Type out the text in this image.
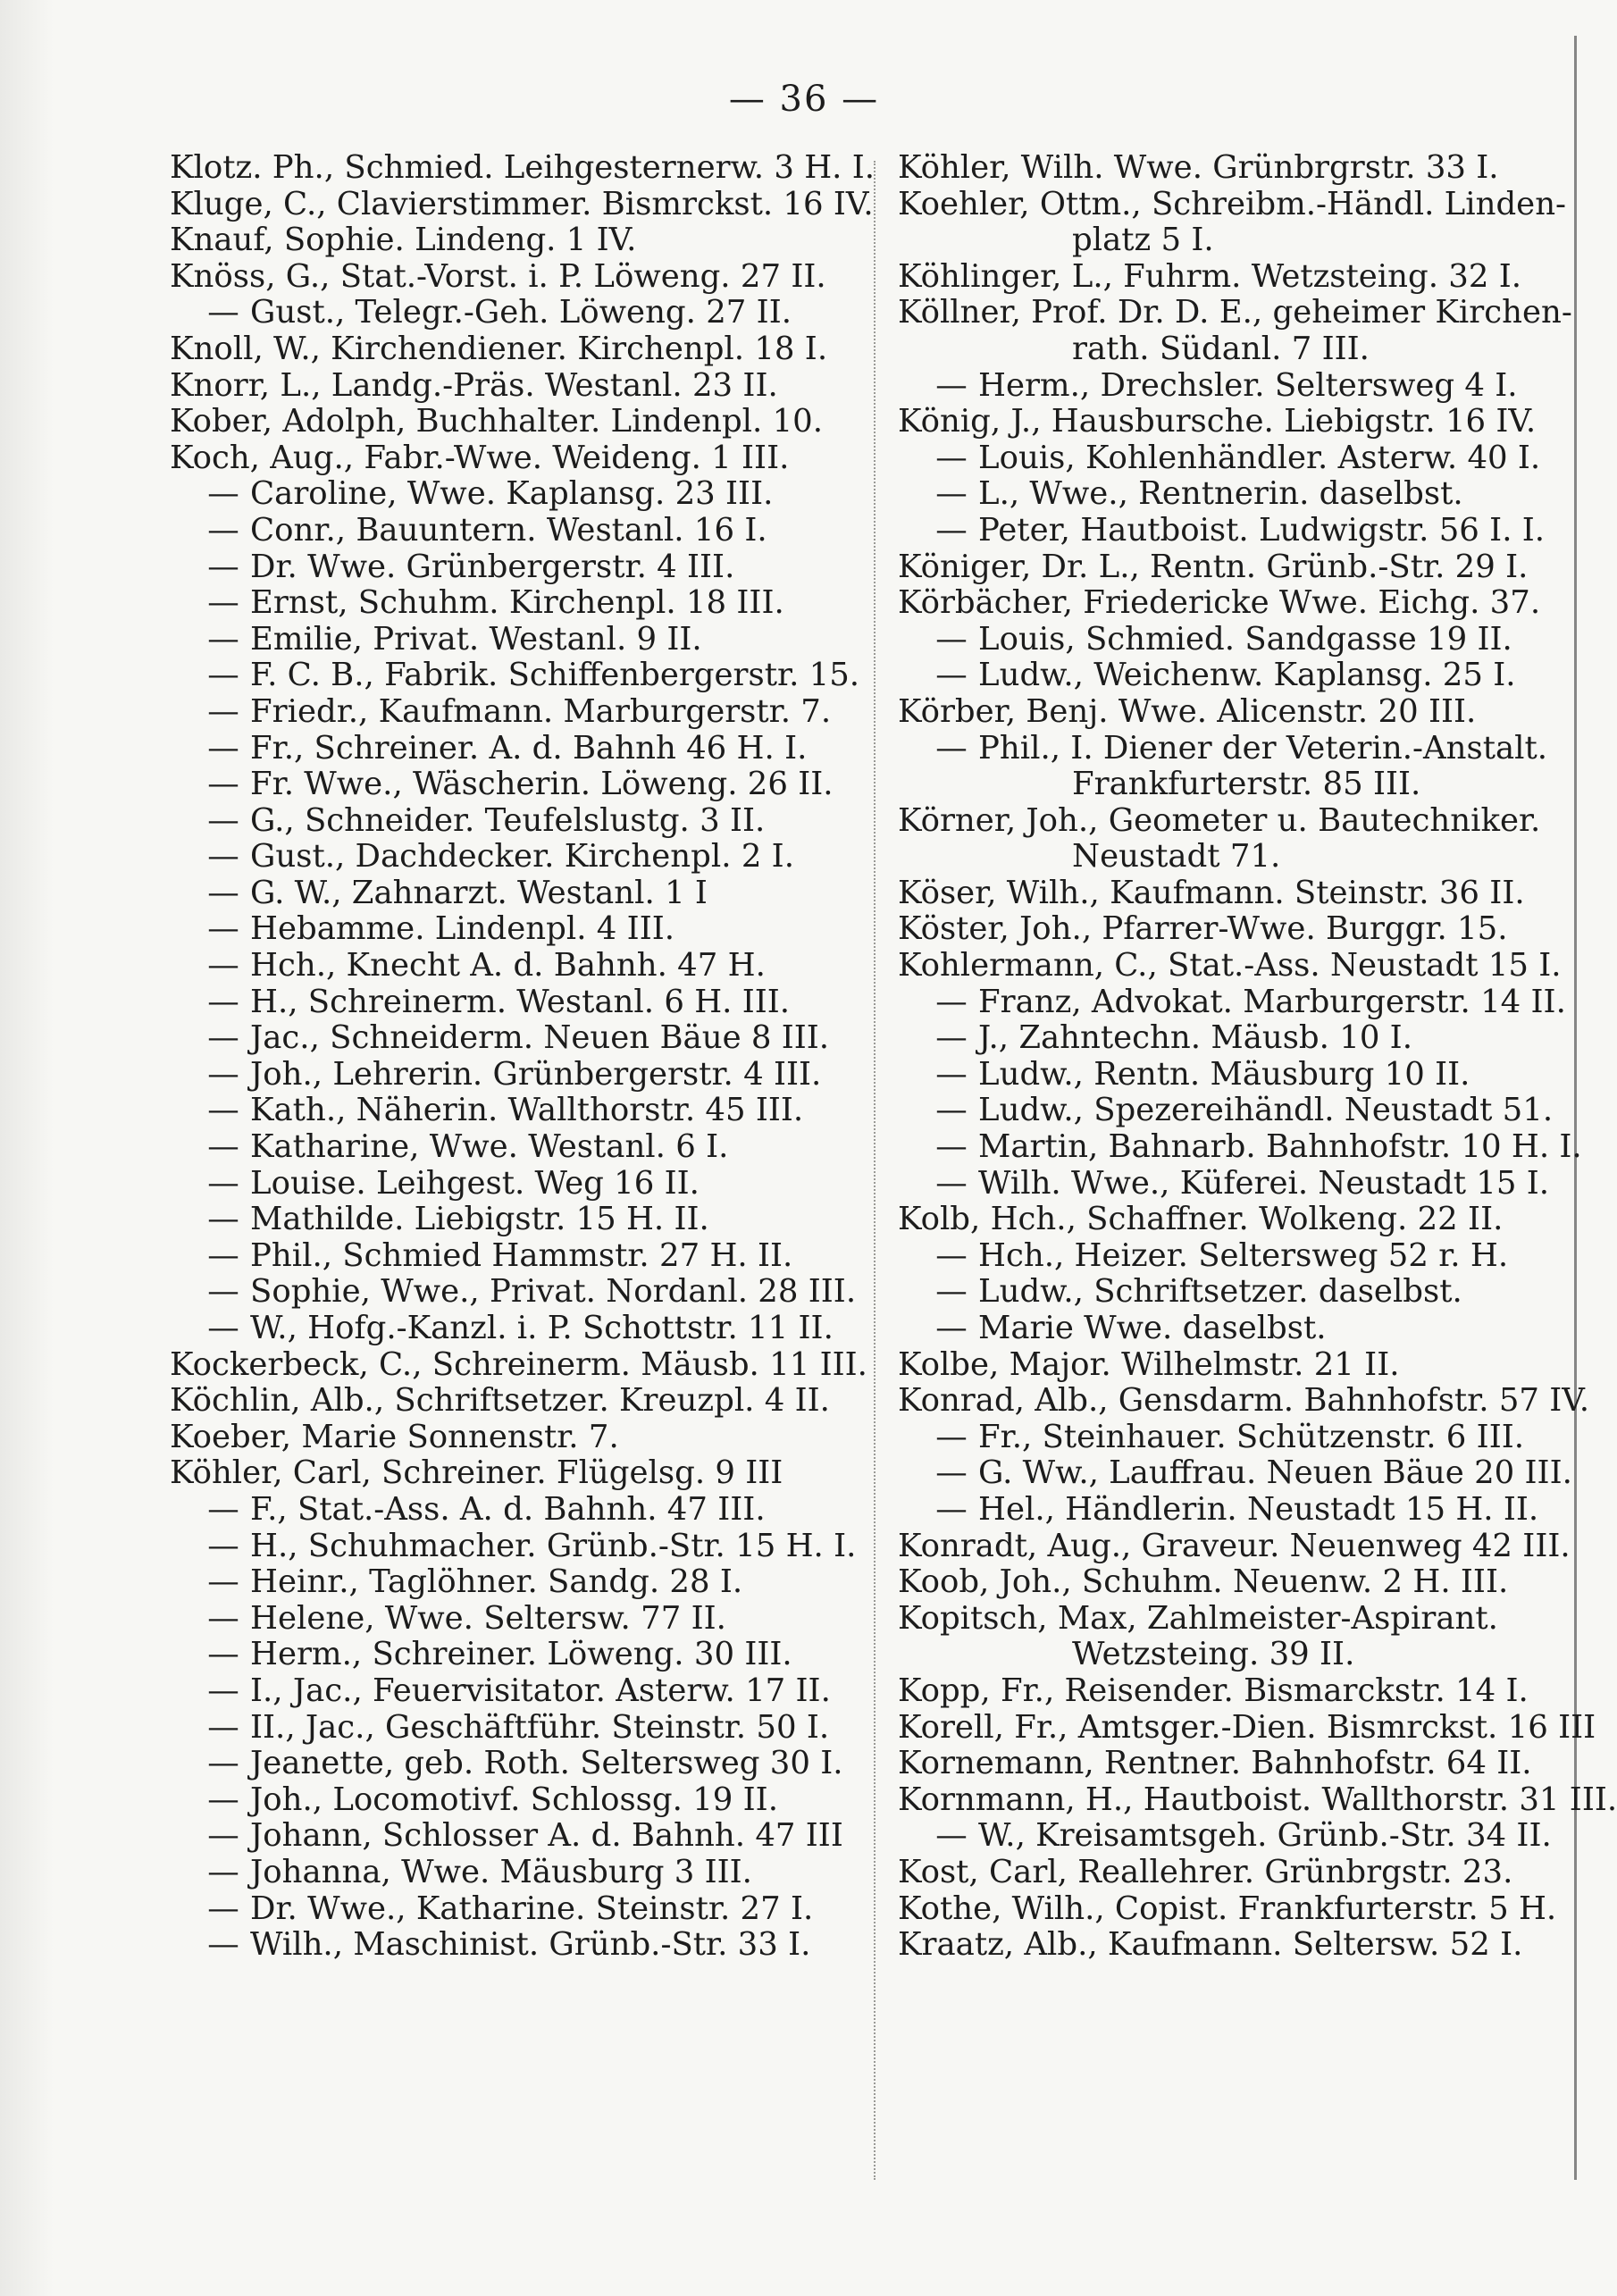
— 36 —
Klotz. Ph., Schmied. Leihgesternerw. 3 H. I.
Kluge, C., Clavierstimmer. Bismrckst. 16 IV.
Knauf, Sophie. Lindeng. 1 IV.
Knöss, G., Stat.-Vorst. i. P. Löweng. 27 II.
— Gust., Telegr.-Geh. Löweng. 27 II.
Knoll, W., Kirchendiener. Kirchenpl. 18 I.
Knorr, L., Landg.-Präs. Westanl. 23 II.
Kober, Adolph, Buchhalter. Lindenpl. 10.
Koch, Aug., Fabr.-Wwe. Weideng. 1 III.
— Caroline, Wwe. Kaplansg. 23 III.
— Conr., Bauuntern. Westanl. 16 I.
— Dr. Wwe. Grünbergerstr. 4 III.
— Ernst, Schuhm. Kirchenpl. 18 III.
— Emilie, Privat. Westanl. 9 II.
— F. C. B., Fabrik. Schiffenbergerstr. 15.
— Friedr., Kaufmann. Marburgerstr. 7.
— Fr., Schreiner. A. d. Bahnh 46 H. I.
— Fr. Wwe., Wäscherin. Löweng. 26 II.
— G., Schneider. Teufelslustg. 3 II.
— Gust., Dachdecker. Kirchenpl. 2 I.
— G. W., Zahnarzt. Westanl. 1 I
— Hebamme. Lindenpl. 4 III.
— Hch., Knecht A. d. Bahnh. 47 H.
— H., Schreinerm. Westanl. 6 H. III.
— Jac., Schneiderm. Neuen Bäue 8 III.
— Joh., Lehrerin. Grünbergerstr. 4 III.
— Kath., Näherin. Wallthorstr. 45 III.
— Katharine, Wwe. Westanl. 6 I.
— Louise. Leihgest. Weg 16 II.
— Mathilde. Liebigstr. 15 H. II.
— Phil., Schmied Hammstr. 27 H. II.
— Sophie, Wwe., Privat. Nordanl. 28 III.
— W., Hofg.-Kanzl. i. P. Schottstr. 11 II.
Kockerbeck, C., Schreinerm. Mäusb. 11 III.
Köchlin, Alb., Schriftsetzer. Kreuzpl. 4 II.
Koeber, Marie Sonnenstr. 7.
Köhler, Carl, Schreiner. Flügelsg. 9 III
— F., Stat.-Ass. A. d. Bahnh. 47 III.
— H., Schuhmacher. Grünb.-Str. 15 H. I.
— Heinr., Taglöhner. Sandg. 28 I.
— Helene, Wwe. Seltersw. 77 II.
— Herm., Schreiner. Löweng. 30 III.
— I., Jac., Feuervisitator. Asterw. 17 II.
— II., Jac., Geschäftführ. Steinstr. 50 I.
— Jeanette, geb. Roth. Seltersweg 30 I.
— Joh., Locomotivf. Schlossg. 19 II.
— Johann, Schlosser A. d. Bahnh. 47 III
— Johanna, Wwe. Mäusburg 3 III.
— Dr. Wwe., Katharine. Steinstr. 27 I.
— Wilh., Maschinist. Grünb.-Str. 33 I.
Köhler, Wilh. Wwe. Grünbrgrstr. 33 I.
Koehler, Ottm., Schreibm.-Händl. Linden-
platz 5 I.
Köhlinger, L., Fuhrm. Wetzsteing. 32 I.
Köllner, Prof. Dr. D. E., geheimer Kirchen-
rath. Südanl. 7 III.
— Herm., Drechsler. Seltersweg 4 I.
König, J., Hausbursche. Liebigstr. 16 IV.
— Louis, Kohlenhändler. Asterw. 40 I.
— L., Wwe., Rentnerin. daselbst.
— Peter, Hautboist. Ludwigstr. 56 I. I.
Königer, Dr. L., Rentn. Grünb.-Str. 29 I.
Körbächer, Friedericke Wwe. Eichg. 37.
— Louis, Schmied. Sandgasse 19 II.
— Ludw., Weichenw. Kaplansg. 25 I.
Körber, Benj. Wwe. Alicenstr. 20 III.
— Phil., I. Diener der Veterin.-Anstalt.
Frankfurterstr. 85 III.
Körner, Joh., Geometer u. Bautechniker.
Neustadt 71.
Köser, Wilh., Kaufmann. Steinstr. 36 II.
Köster, Joh., Pfarrer-Wwe. Burggr. 15.
Kohlermann, C., Stat.-Ass. Neustadt 15 I.
— Franz, Advokat. Marburgerstr. 14 II.
— J., Zahntechn. Mäusb. 10 I.
— Ludw., Rentn. Mäusburg 10 II.
— Ludw., Spezereihändl. Neustadt 51.
— Martin, Bahnarb. Bahnhofstr. 10 H. I.
— Wilh. Wwe., Küferei. Neustadt 15 I.
Kolb, Hch., Schaffner. Wolkeng. 22 II.
— Hch., Heizer. Seltersweg 52 r. H.
— Ludw., Schriftsetzer. daselbst.
— Marie Wwe. daselbst.
Kolbe, Major. Wilhelmstr. 21 II.
Konrad, Alb., Gensdarm. Bahnhofstr. 57 IV.
— Fr., Steinhauer. Schützenstr. 6 III.
— G. Ww., Lauffrau. Neuen Bäue 20 III.
— Hel., Händlerin. Neustadt 15 H. II.
Konradt, Aug., Graveur. Neuenweg 42 III.
Koob, Joh., Schuhm. Neuenw. 2 H. III.
Kopitsch, Max, Zahlmeister-Aspirant.
Wetzsteing. 39 II.
Kopp, Fr., Reisender. Bismarckstr. 14 I.
Korell, Fr., Amtsger.-Dien. Bismrckst. 16 III
Kornemann, Rentner. Bahnhofstr. 64 II.
Kornmann, H., Hautboist. Wallthorstr. 31 III.
— W., Kreisamtsgeh. Grünb.-Str. 34 II.
Kost, Carl, Reallehrer. Grünbrgstr. 23.
Kothe, Wilh., Copist. Frankfurterstr. 5 H.
Kraatz, Alb., Kaufmann. Seltersw. 52 I.
